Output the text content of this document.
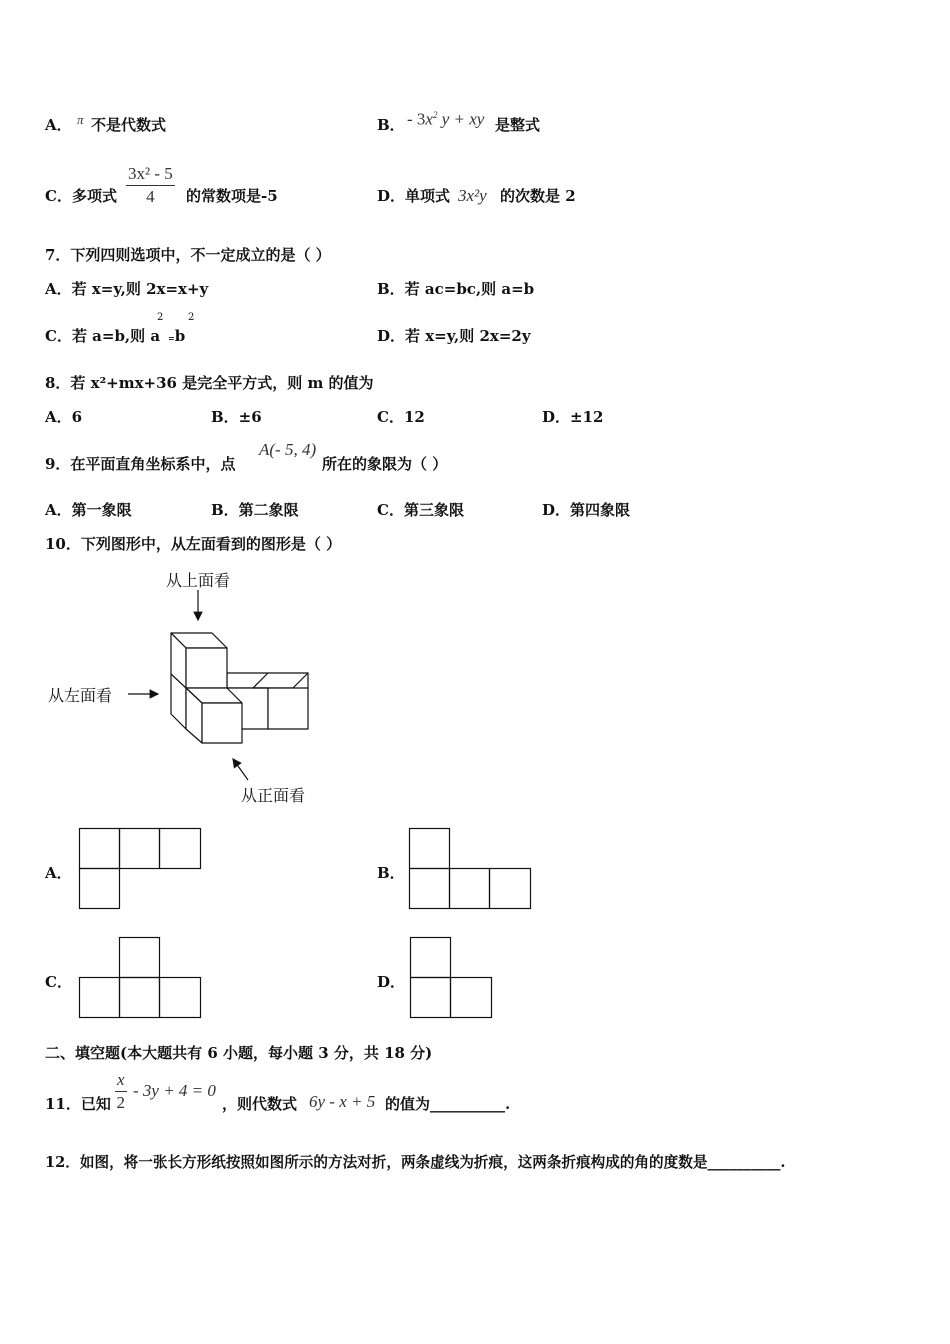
A． π 不是代数式	B． - $3x^2$ y + xy 是整式
C．多项式 $\frac{\text{3x² - 5}}{4}$ 的常数项是-5	D．单项式 3x²y 的次数是 2
7．下列四则选项中，不一定成立的是（ ）
A．若 x=y,则 2x=x+y	B．若 ac=bc,则 a=b
C．若 a=b,则 a
2
=b
2
D．若 x=y,则 2x=2y
8．若 x²+mx+36 是完全平方式，则 m 的值为
A．6	B．±6	C．12	D．±12
9．在平面直角坐标系中，点
A(- 5, 4)
所在的象限为（ ）
A．第一象限	B．第二象限	C．第三象限	D．第四象限
10．下列图形中，从左面看到的图形是（ ）
从上面看
从左面看
从正面看
A．	B．
C．	D．
二、填空题(本大题共有 6 小题，每小题 3 分，共 18 分)
11．已知 $\frac{x}{2} - 3y + 4 = 0$
，则代数式 6y - x + 5 的值为__________.
12．如图，将一张长方形纸按照如图所示的方法对折，两条虚线为折痕，这两条折痕构成的角的度数是__________.
